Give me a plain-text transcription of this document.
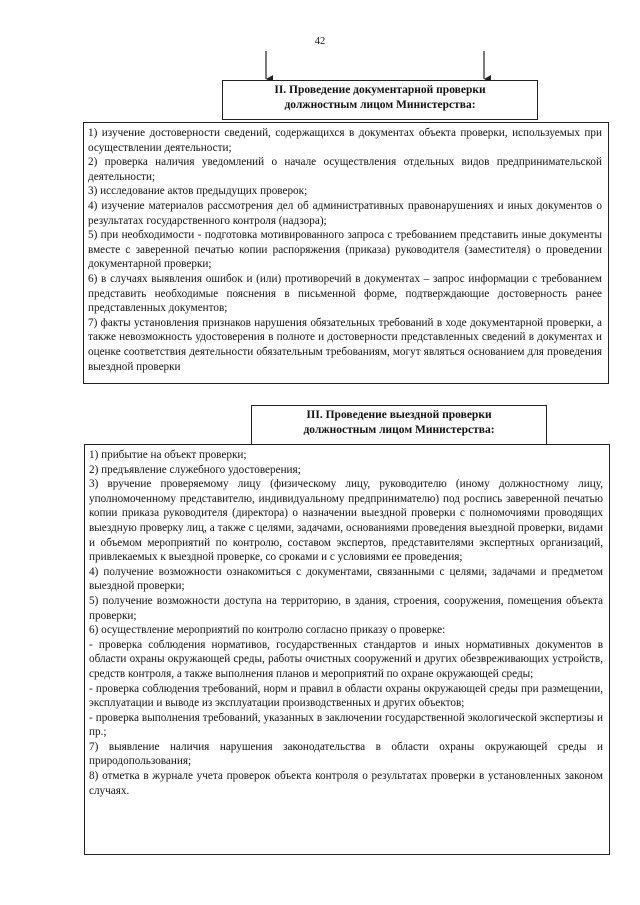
42
II. Проведение документарной проверки
должностным лицом Министерства:

1) изучение достоверности сведений, содержащихся в документах объекта проверки, используемых при осуществлении деятельности;

2) проверка наличия уведомлений о начале осуществления отдельных видов предпринимательской деятельности;

3) исследование актов предыдущих проверок;

4) изучение материалов рассмотрения дел об административных правонарушениях и иных документов о результатах государственного контроля (надзора);

5) при необходимости - подготовка мотивированного запроса с требованием представить иные документы вместе с заверенной печатью копии распоряжения (приказа) руководителя (заместителя) о проведении документарной проверки;

6) в случаях выявления ошибок и (или) противоречий в документах – запрос информации с требованием представить необходимые пояснения в письменной форме, подтверждающие достоверность ранее представленных документов;

7) факты установления признаков нарушения обязательных требований в ходе документарной проверки, а также невозможность удостоверения в полноте и достоверности представленных сведений в документах и оценке соответствия деятельности обязательным требованиям, могут являться основанием для проведения выездной проверки

III. Проведение выездной проверки
должностным лицом Министерства:

1) прибытие на объект проверки;

2) предъявление служебного удостоверения;

3) вручение проверяемому лицу (физическому лицу, руководителю (иному должностному лицу, уполномоченному представителю, индивидуальному предпринимателю) под роспись заверенной печатью копии приказа руководителя (директора) о назначении выездной проверки с полномочиями проводящих выездную проверку лиц, а также с целями, задачами, основаниями проведения выездной проверки, видами и объемом мероприятий по контролю, составом экспертов, представителями экспертных организаций, привлекаемых к выездной проверке, со сроками и с условиями ее проведения;

4) получение возможности ознакомиться с документами, связанными с целями, задачами и предметом выездной проверки;

5) получение возможности доступа на территорию, в здания, строения, сооружения, помещения объекта проверки;

6) осуществление мероприятий по контролю согласно приказу о проверке:

- проверка соблюдения нормативов, государственных стандартов и иных нормативных документов в области охраны окружающей среды, работы очистных сооружений и других обезвреживающих устройств, средств контроля, а также выполнения планов и мероприятий по охране окружающей среды;

- проверка соблюдения требований, норм и правил в области охраны окружающей среды при размещении, эксплуатации и выводе из эксплуатации производственных и других объектов;

- проверка выполнения требований, указанных в заключении государственной экологической экспертизы и пр.;

7) выявление наличия нарушения законодательства в области охраны окружающей среды и природопользования;

8) отметка в журнале учета проверок объекта контроля о результатах проверки в установленных законом случаях.
